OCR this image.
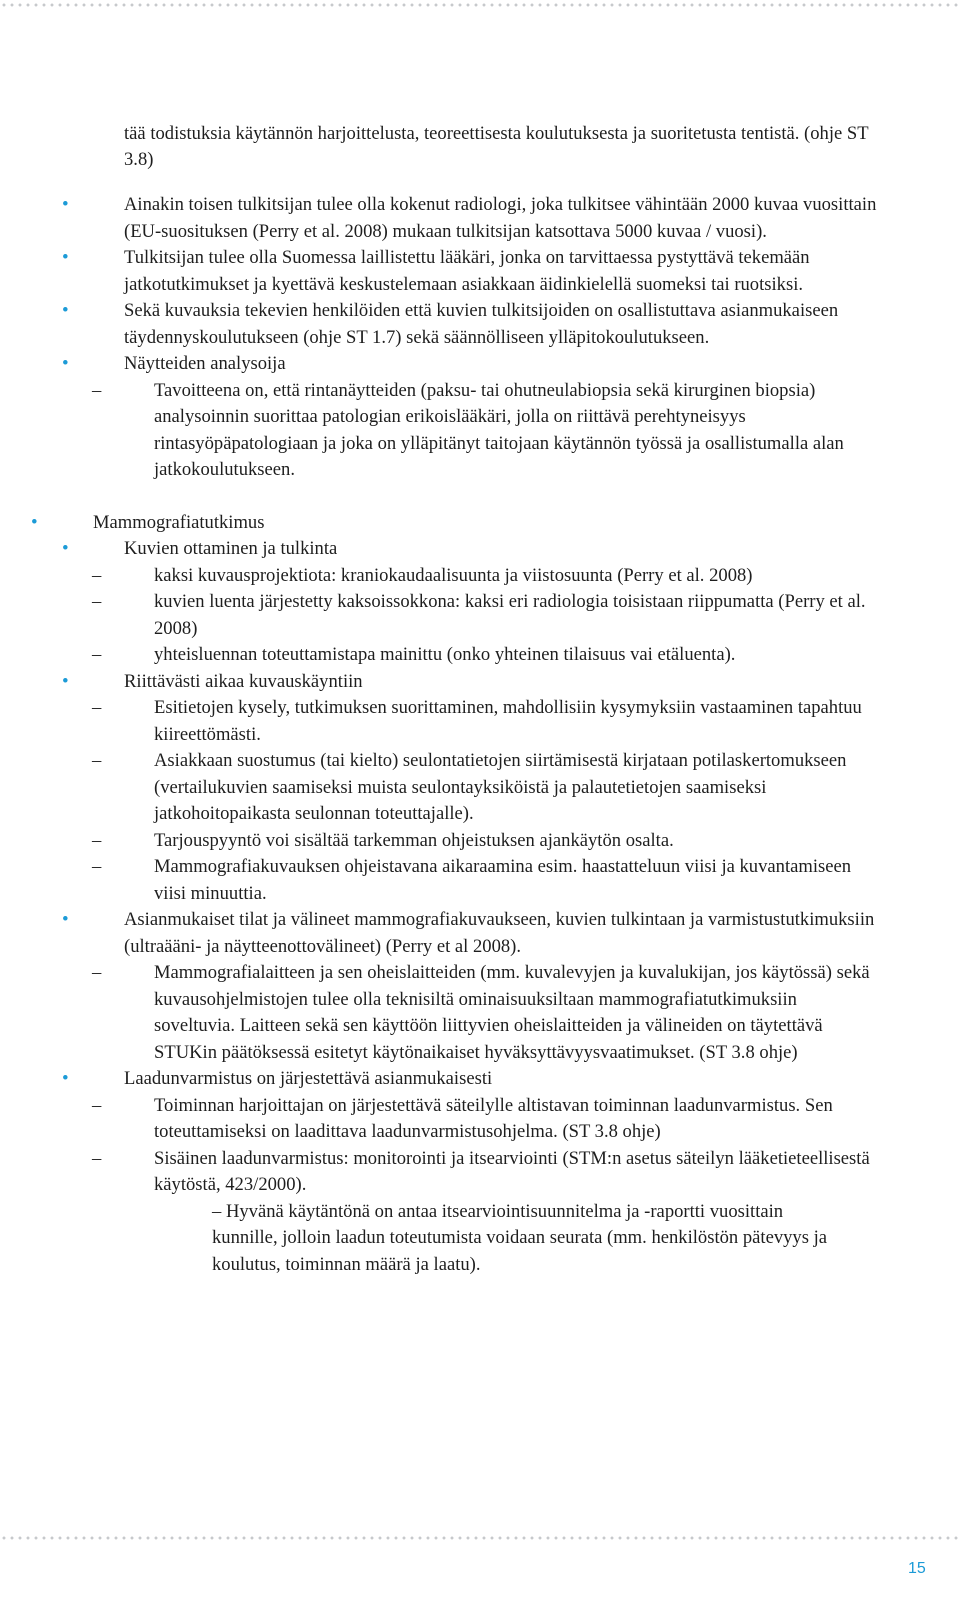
tää todistuksia käytännön harjoittelusta, teoreettisesta koulutuksesta ja suoritetusta tentistä. (ohje ST 3.8)

•	Ainakin toisen tulkitsijan tulee olla kokenut radiologi, joka tulkitsee vähintään 2000 kuvaa vuosittain (EU-suosituksen (Perry et al. 2008) mukaan tulkitsijan katsottava 5000 kuvaa / vuosi).
•	Tulkitsijan tulee olla Suomessa laillistettu lääkäri, jonka on tarvittaessa pystyttävä tekemään jatkotutkimukset ja kyettävä keskustelemaan asiakkaan äidinkielellä suomeksi tai ruotsiksi.
•	Sekä kuvauksia tekevien henkilöiden että kuvien tulkitsijoiden on osallistuttava asianmukaiseen täydennyskoulutukseen (ohje ST 1.7) sekä säännölliseen ylläpitokoulutukseen.
•	Näytteiden analysoija
–	Tavoitteena on, että rintanäytteiden (paksu- tai ohutneulabiopsia sekä kirurginen biopsia) analysoinnin suorittaa patologian erikoislääkäri, jolla on riittävä perehtyneisyys rintasyöpäpatologiaan ja joka on ylläpitänyt taitojaan käytännön työssä ja osallistumalla alan jatkokoulutukseen.
•	Mammografiatutkimus
•	Kuvien ottaminen ja tulkinta
–	kaksi kuvausprojektiota: kraniokaudaalisuunta ja viistosuunta (Perry et al. 2008)
–	kuvien luenta järjestetty kaksoissokkona: kaksi eri radiologia toisistaan riippumatta (Perry et al. 2008)
–	yhteisluennan toteuttamistapa mainittu (onko yhteinen tilaisuus vai etäluenta).
•	Riittävästi aikaa kuvauskäyntiin
–	Esitietojen kysely, tutkimuksen suorittaminen, mahdollisiin kysymyksiin vastaaminen tapahtuu kiireettömästi.
–	Asiakkaan suostumus (tai kielto) seulontatietojen siirtämisestä kirjataan potilaskertomukseen (vertailukuvien saamiseksi muista seulontayksiköistä ja palautetietojen saamiseksi jatkohoitopaikasta seulonnan toteuttajalle).
–	Tarjouspyyntö voi sisältää tarkemman ohjeistuksen ajankäytön osalta.
–	Mammografiakuvauksen ohjeistavana aikaraamina esim. haastatteluun viisi ja kuvantamiseen viisi minuuttia.
•	Asianmukaiset tilat ja välineet mammografiakuvaukseen, kuvien tulkintaan ja varmistustutkimuksiin (ultraääni- ja näytteenottovälineet) (Perry et al 2008).
–	Mammografialaitteen ja sen oheislaitteiden (mm. kuvalevyjen ja kuvalukijan, jos käytössä) sekä kuvausohjelmistojen tulee olla teknisiltä ominaisuuksiltaan mammografiatutkimuksiin soveltuvia. Laitteen sekä sen käyttöön liittyvien oheislaitteiden ja välineiden on täytettävä STUKin päätöksessä esitetyt käytönaikaiset hyväksyttävyysvaatimukset. (ST 3.8 ohje)
•	Laadunvarmistus on järjestettävä asianmukaisesti
–	Toiminnan harjoittajan on järjestettävä säteilylle altistavan toiminnan laadunvarmistus. Sen toteuttamiseksi on laadittava laadunvarmistusohjelma. (ST 3.8 ohje)
–	Sisäinen laadunvarmistus: monitorointi ja itsearviointi (STM:n asetus säteilyn lääketieteellisestä käytöstä, 423/2000).

– Hyvänä käytäntönä on antaa itsearviointisuunnitelma ja -raportti vuosittain kunnille, jolloin laadun toteutumista voidaan seurata (mm. henkilöstön pätevyys ja koulutus, toiminnan määrä ja laatu).

15
